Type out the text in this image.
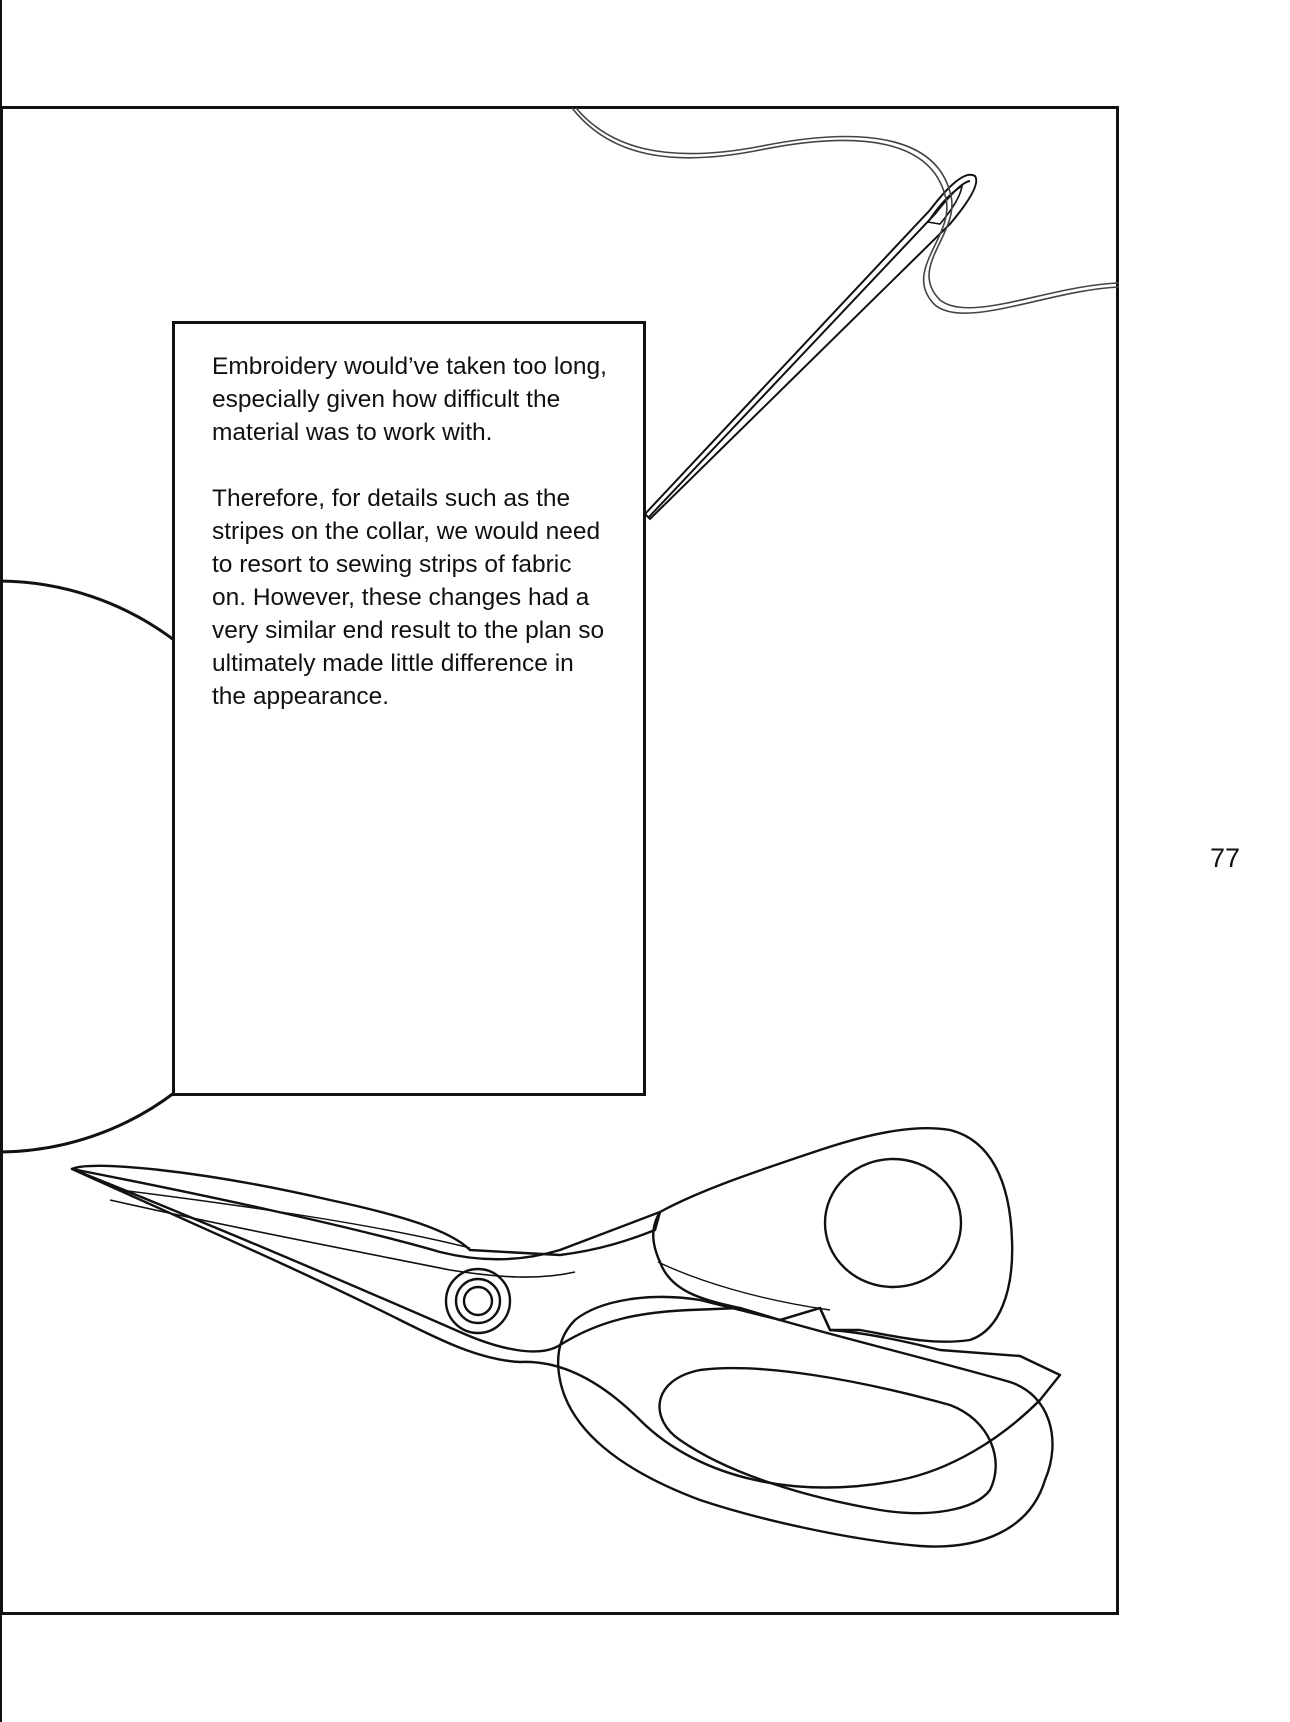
Embroidery would’ve taken too long, especially given how difficult the material was to work with.

Therefore, for details such as the stripes on the collar, we would need to resort to sewing strips of fabric on. However, these changes had a very similar end result to the plan so ultimately made little difference in the appearance.

77
